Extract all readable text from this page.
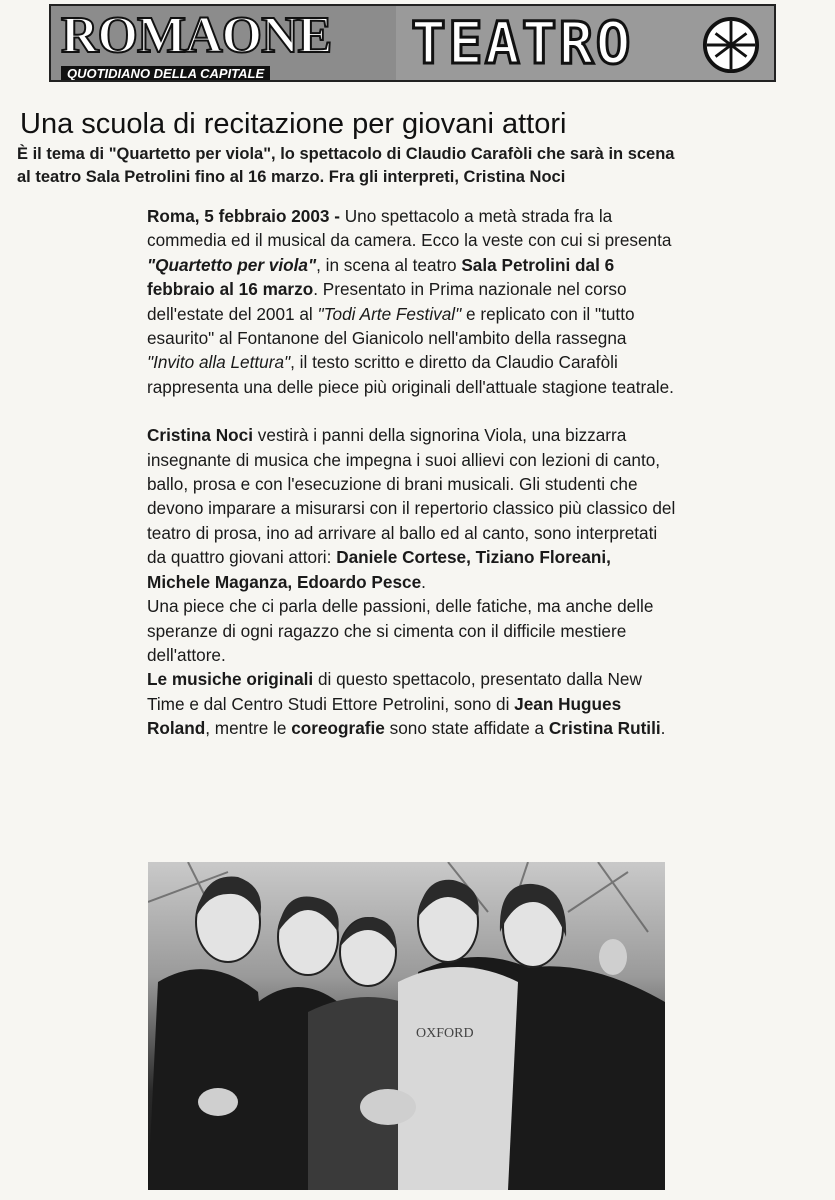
ROMAONE
QUOTIDIANO DELLA CAPITALE	TEATRO
Una scuola di recitazione per giovani attori
È il tema di "Quartetto per viola", lo spettacolo di Claudio Carafòli che sarà in scena
al teatro Sala Petrolini fino al 16 marzo. Fra gli interpreti, Cristina Noci

Roma, 5 febbraio 2003 - Uno spettacolo a metà strada fra la commedia ed il musical da camera. Ecco la veste con cui si presenta "Quartetto per viola", in scena al teatro Sala Petrolini dal 6 febbraio al 16 marzo. Presentato in Prima nazionale nel corso dell'estate del 2001 al "Todi Arte Festival" e replicato con il "tutto esaurito" al Fontanone del Gianicolo nell'ambito della rassegna "Invito alla Lettura", il testo scritto e diretto da Claudio Carafòli rappresenta una delle piece più originali dell'attuale stagione teatrale.

Cristina Noci vestirà i panni della signorina Viola, una bizzarra insegnante di musica che impegna i suoi allievi con lezioni di canto, ballo, prosa e con l'esecuzione di brani musicali. Gli studenti che devono imparare a misurarsi con il repertorio classico più classico del teatro di prosa, ino ad arrivare al ballo ed al canto, sono interpretati da quattro giovani attori: Daniele Cortese, Tiziano Floreani, Michele Maganza, Edoardo Pesce.

Una piece che ci parla delle passioni, delle fatiche, ma anche delle speranze di ogni ragazzo che si cimenta con il difficile mestiere dell'attore.

Le musiche originali di questo spettacolo, presentato dalla New Time e dal Centro Studi Ettore Petrolini, sono di Jean Hugues Roland, mentre le coreografie sono state affidate a Cristina Rutili.

OXFORD
